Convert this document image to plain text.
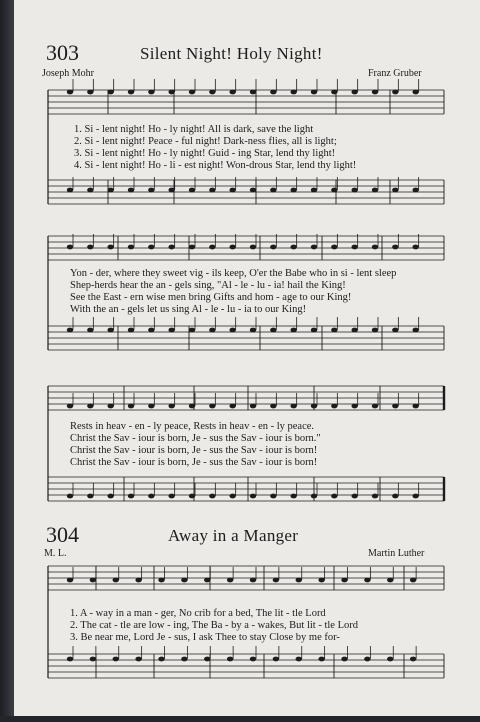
303	Silent Night! Holy Night!
Joseph Mohr	Franz Gruber
1. Si - lent night! Ho - ly night! All is dark, save the light
2. Si - lent night! Peace - ful night! Dark-ness flies, all is light;
3. Si - lent night! Ho - ly night! Guid - ing Star, lend thy light!
4. Si - lent night! Ho - li - est night! Won-drous Star, lend thy light!
Yon - der, where they sweet vig - ils keep, O'er the Babe who in si - lent sleep
Shep-herds hear the an - gels sing, "Al - le - lu - ia! hail the King!
See the East - ern wise men bring Gifts and hom - age to our King!
With the an - gels let us sing Al - le - lu - ia to our King!
Rests in heav - en - ly peace, Rests in heav - en - ly peace.
Christ the Sav - iour is born, Je - sus the Sav - iour is born."
Christ the Sav - iour is born, Je - sus the Sav - iour is born!
Christ the Sav - iour is born, Je - sus the Sav - iour is born!
304	Away in a Manger
M. L.	Martin Luther
1. A - way in a man - ger, No crib for a bed, The lit - tle Lord
2. The cat - tle are low - ing, The Ba - by a - wakes, But lit - tle Lord
3. Be near me, Lord Je - sus, I ask Thee to stay Close by me for-
